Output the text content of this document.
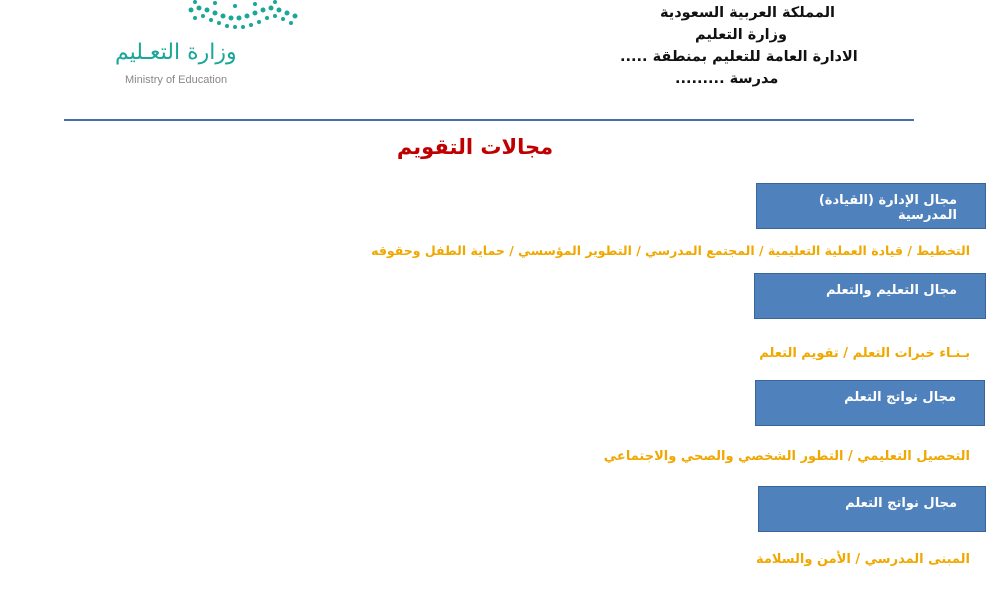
المملكة العربية السعودية
وزارة التعليم
الادارة العامة للتعليم بمنطقة .....
مدرسة .........
وزارة التعـليم
Ministry of Education
مجالات التقويم
مجال الإدارة (القيادة) المدرسية
التخطيط / قيادة العملية التعليمية / المجتمع المدرسي / التطوير المؤسسي / حماية الطفل وحقوقه
مجال التعليم والتعلم
بـنـاء خبرات التعلم / تقويم التعلم
مجال نواتج التعلم
التحصيل التعليمي / التطور الشخصي والصحي والاجتماعي
مجال نواتج التعلم
المبنى المدرسي / الأمن والسلامة
